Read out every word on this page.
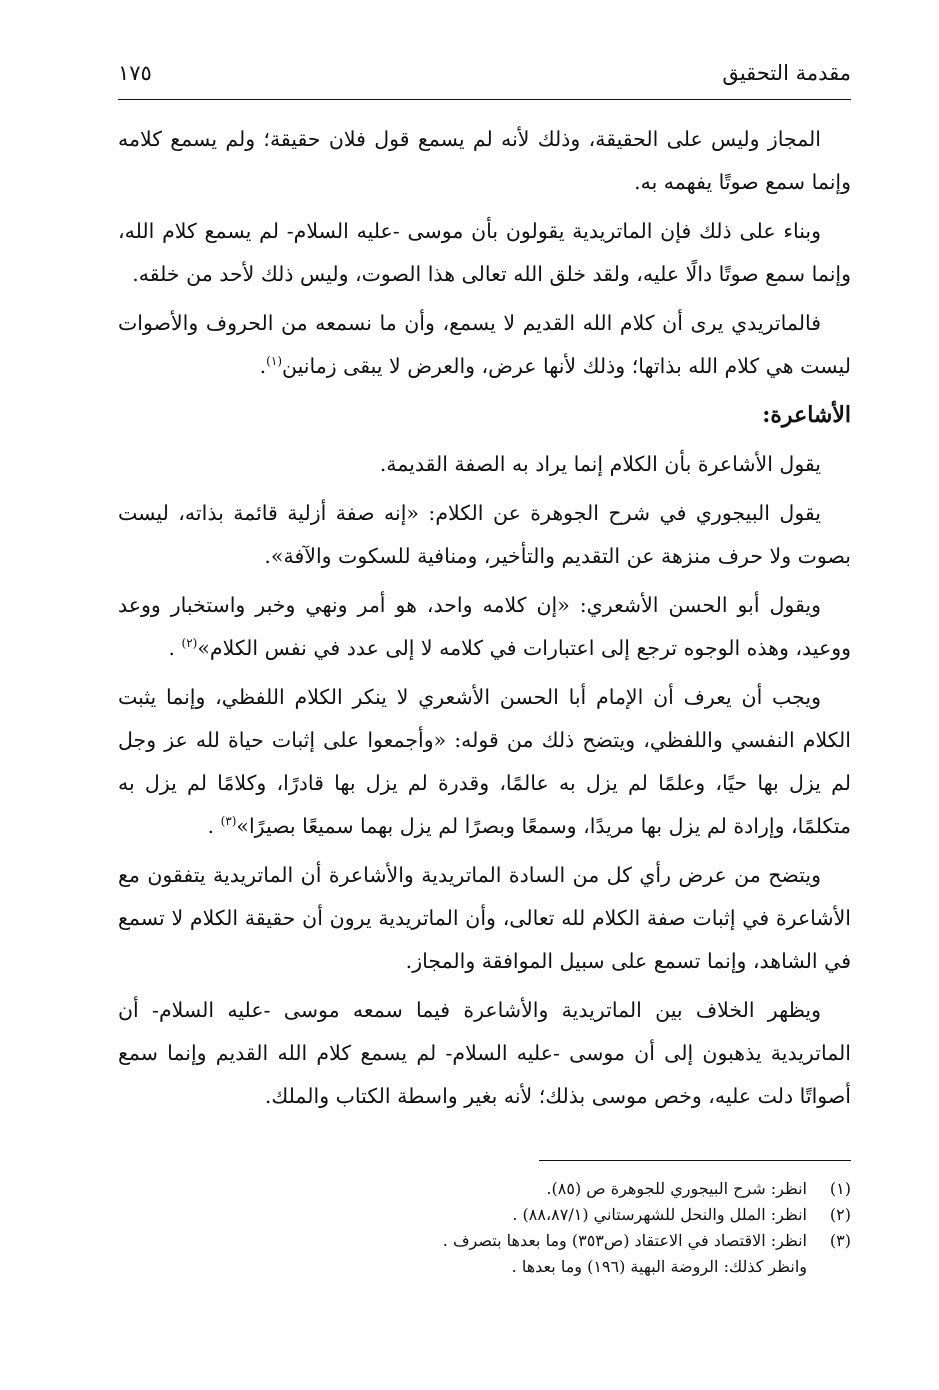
١٧٥	مقدمة التحقيق

المجاز وليس على الحقيقة، وذلك لأنه لم يسمع قول فلان حقيقة؛ ولم يسمع كلامه وإنما سمع صوتًا يفهمه به.

وبناء على ذلك فإن الماتريدية يقولون بأن موسى -عليه السلام- لم يسمع كلام الله، وإنما سمع صوتًا دالًا عليه، ولقد خلق الله تعالى هذا الصوت، وليس ذلك لأحد من خلقه.

فالماتريدي يرى أن كلام الله القديم لا يسمع، وأن ما نسمعه من الحروف والأصوات ليست هي كلام الله بذاتها؛ وذلك لأنها عرض، والعرض لا يبقى زمانين$^{(١)}$.

الأشاعرة:

يقول الأشاعرة بأن الكلام إنما يراد به الصفة القديمة.

يقول البيجوري في شرح الجوهرة عن الكلام: «إنه صفة أزلية قائمة بذاته، ليست بصوت ولا حرف منزهة عن التقديم والتأخير، ومنافية للسكوت والآفة».

ويقول أبو الحسن الأشعري: «إن كلامه واحد، هو أمر ونهي وخبر واستخبار ووعد ووعيد، وهذه الوجوه ترجع إلى اعتبارات في كلامه لا إلى عدد في نفس الكلام»$^{(٢)}$ .

ويجب أن يعرف أن الإمام أبا الحسن الأشعري لا ينكر الكلام اللفظي، وإنما يثبت الكلام النفسي واللفظي، ويتضح ذلك من قوله: «وأجمعوا على إثبات حياة لله عز وجل لم يزل بها حيًا، وعلمًا لم يزل به عالمًا، وقدرة لم يزل بها قادرًا، وكلامًا لم يزل به متكلمًا، وإرادة لم يزل بها مريدًا، وسمعًا وبصرًا لم يزل بهما سميعًا بصيرًا»$^{(٣)}$ .

ويتضح من عرض رأي كل من السادة الماتريدية والأشاعرة أن الماتريدية يتفقون مع الأشاعرة في إثبات صفة الكلام لله تعالى، وأن الماتريدية يرون أن حقيقة الكلام لا تسمع في الشاهد، وإنما تسمع على سبيل الموافقة والمجاز.

ويظهر الخلاف بين الماتريدية والأشاعرة فيما سمعه موسى -عليه السلام- أن الماتريدية يذهبون إلى أن موسى -عليه السلام- لم يسمع كلام الله القديم وإنما سمع أصواتًا دلت عليه، وخص موسى بذلك؛ لأنه بغير واسطة الكتاب والملك.

(١)
انظر: شرح البيجوري للجوهرة ص (٨٥).
(٢)
انظر: الملل والنحل للشهرستاني (٨٨،٨٧/١) .
(٣)
انظر: الاقتصاد في الاعتقاد (ص٣٥٣) وما بعدها بتصرف .
وانظر كذلك: الروضة البهية (١٩٦) وما بعدها .
